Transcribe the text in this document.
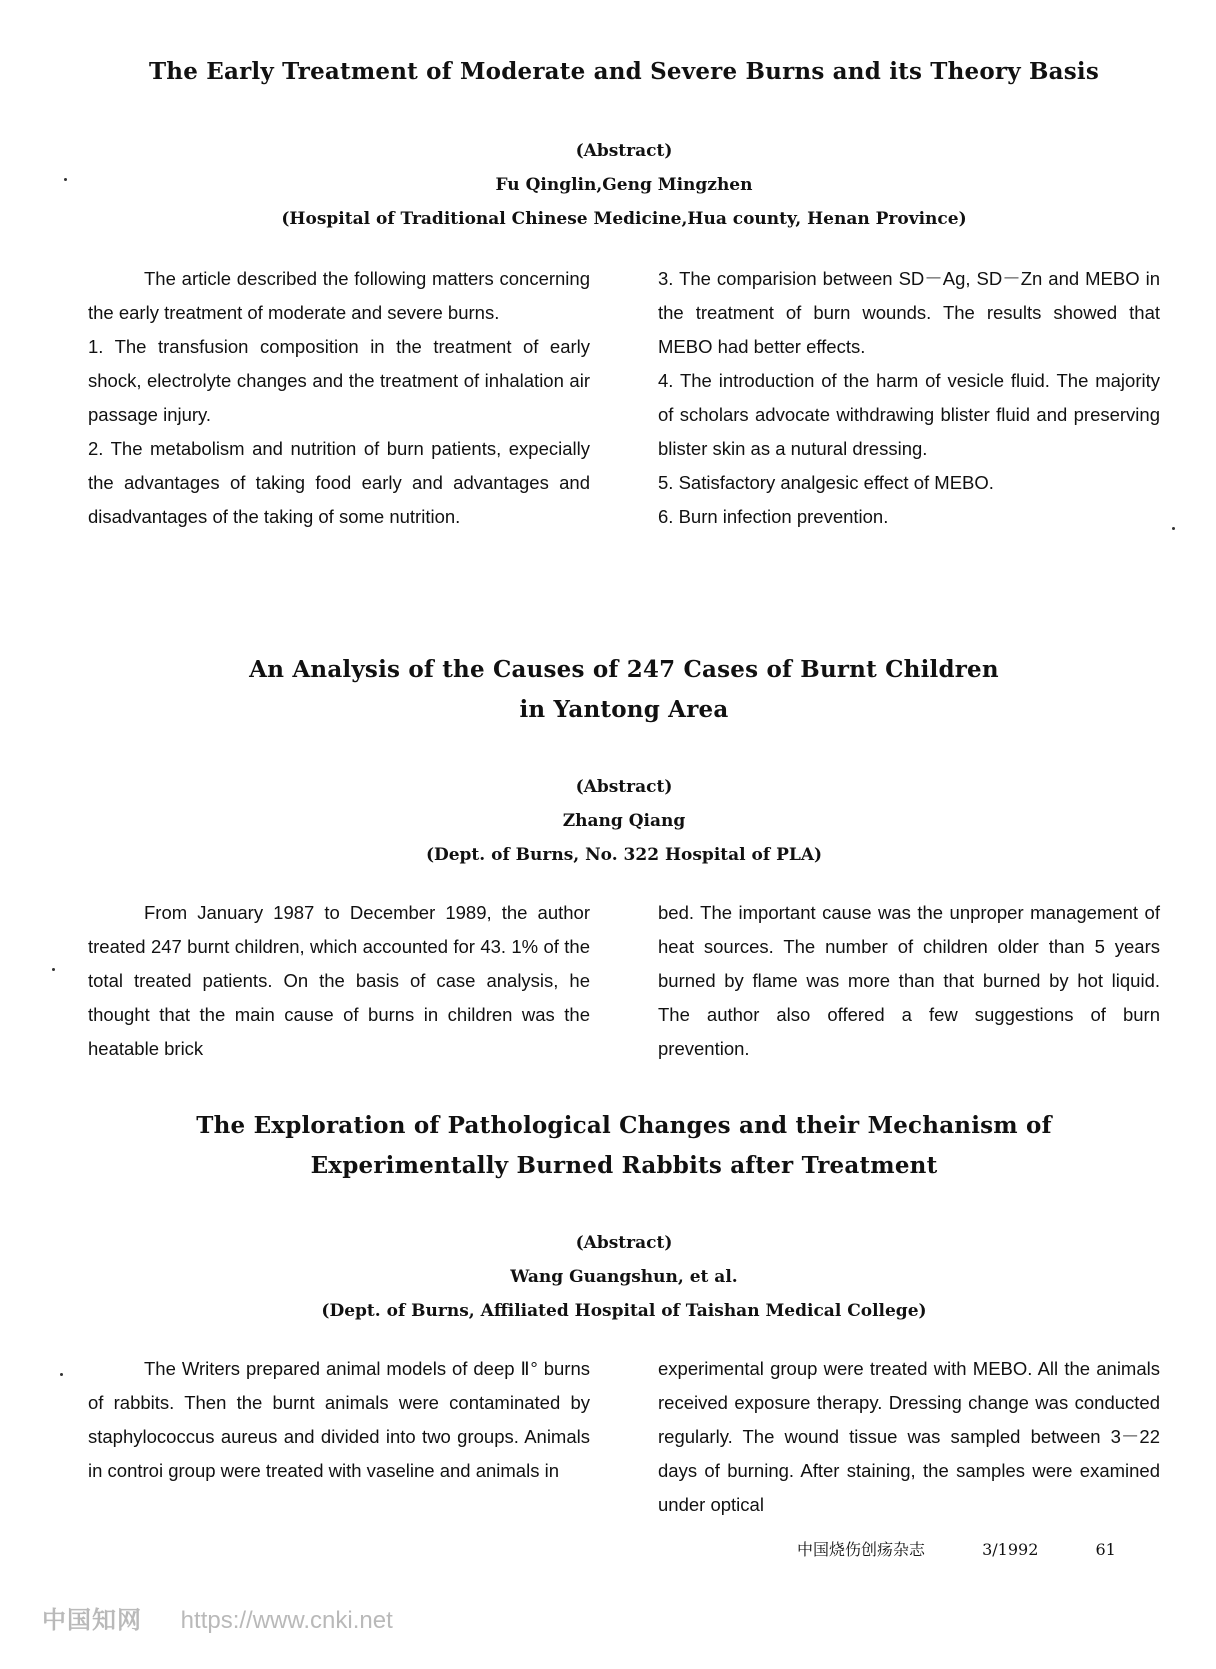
The Early Treatment of Moderate and Severe Burns and its Theory Basis
(Abstract)
Fu Qinglin,Geng Mingzhen
(Hospital of Traditional Chinese Medicine,Hua county, Henan Province)

The article described the following matters concerning the early treatment of moderate and severe burns.

1. The transfusion composition in the treatment of early shock, electrolyte changes and the treatment of inhalation air passage injury.

2. The metabolism and nutrition of burn patients, expecially the advantages of taking food early and advantages and disadvantages of the taking of some nutrition.

3. The comparision between SD－Ag, SD－Zn and MEBO in the treatment of burn wounds. The results showed that MEBO had better effects.

4. The introduction of the harm of vesicle fluid. The majority of scholars advocate withdrawing blister fluid and preserving blister skin as a nutural dressing.

5. Satisfactory analgesic effect of MEBO.

6. Burn infection prevention.

An Analysis of the Causes of 247 Cases of Burnt Children
in Yantong Area
(Abstract)
Zhang Qiang
(Dept. of Burns, No. 322 Hospital of PLA)

From January 1987 to December 1989, the author treated 247 burnt children, which accounted for 43. 1% of the total treated patients. On the basis of case analysis, he thought that the main cause of burns in children was the heatable brick

bed. The important cause was the unproper management of heat sources. The number of children older than 5 years burned by flame was more than that burned by hot liquid. The author also offered a few suggestions of burn prevention.

The Exploration of Pathological Changes and their Mechanism of
Experimentally Burned Rabbits after Treatment
(Abstract)
Wang Guangshun, et al.
(Dept. of Burns, Affiliated Hospital of Taishan Medical College)

The Writers prepared animal models of deep Ⅱ° burns of rabbits. Then the burnt animals were contaminated by staphylococcus aureus and divided into two groups. Animals in controi group were treated with vaseline and animals in

experimental group were treated with MEBO. All the animals received exposure therapy. Dressing change was conducted regularly. The wound tissue was sampled between 3－22 days of burning. After staining, the samples were examined under optical

中国烧伤创疡杂志	3/1992	61
中国知网 https://www.cnki.net
